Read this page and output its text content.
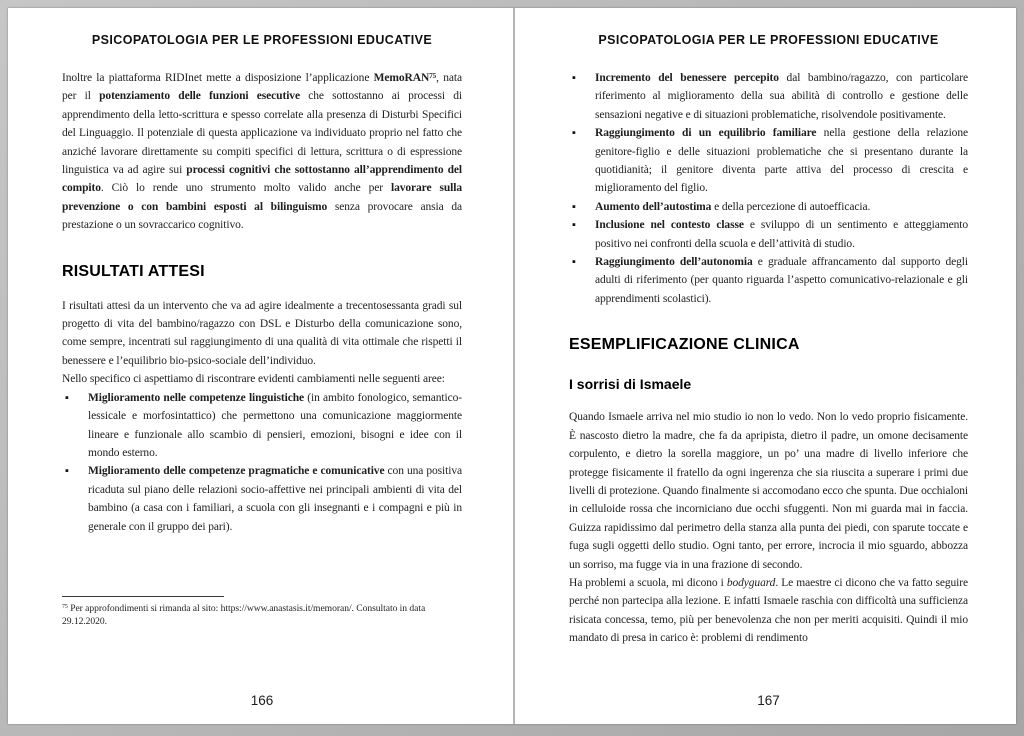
PSICOPATOLOGIA PER LE PROFESSIONI EDUCATIVE

Inoltre la piattaforma RIDInet mette a disposizione l’applicazione MemoRAN$^{75}$, nata per il potenziamento delle funzioni esecutive che sottostanno ai processi di apprendimento della letto-scrittura e spesso correlate alla presenza di Disturbi Specifici del Linguaggio. Il potenziale di questa applicazione va individuato proprio nel fatto che anziché lavorare direttamente su compiti specifici di lettura, scrittura o di espressione linguistica va ad agire sui processi cognitivi che sottostanno all’apprendimento del compito. Ciò lo rende uno strumento molto valido anche per lavorare sulla prevenzione o con bambini esposti al bilinguismo senza provocare ansia da prestazione o un sovraccarico cognitivo.

RISULTATI ATTESI

I risultati attesi da un intervento che va ad agire idealmente a trecentosessanta gradi sul progetto di vita del bambino/ragazzo con DSL e Disturbo della comunicazione sono, come sempre, incentrati sul raggiungimento di una qualità di vita ottimale che rispetti il benessere e l’equilibrio bio-psico-sociale dell’individuo.

Nello specifico ci aspettiamo di riscontrare evidenti cambiamenti nelle seguenti aree:

▪ Miglioramento nelle competenze linguistiche (in ambito fonologico, semantico-lessicale e morfosintattico) che permettono una comunicazione maggiormente lineare e funzionale allo scambio di pensieri, emozioni, bisogni e idee con il mondo esterno.
▪ Miglioramento delle competenze pragmatiche e comunicative con una positiva ricaduta sul piano delle relazioni socio-affettive nei principali ambienti di vita del bambino (a casa con i familiari, a scuola con gli insegnanti e i compagni e più in generale con il gruppo dei pari).

$^{75}$ Per approfondimenti si rimanda al sito: https://www.anastasis.it/memoran/. Consultato in data 29.12.2020.

166
PSICOPATOLOGIA PER LE PROFESSIONI EDUCATIVE
▪ Incremento del benessere percepito dal bambino/ragazzo, con particolare riferimento al miglioramento della sua abilità di controllo e gestione delle sensazioni negative e di situazioni problematiche, risolvendole positivamente.
▪ Raggiungimento di un equilibrio familiare nella gestione della relazione genitore-figlio e delle situazioni problematiche che si presentano durante la quotidianità; il genitore diventa parte attiva del processo di crescita e miglioramento del figlio.
▪ Aumento dell’autostima e della percezione di autoefficacia.
▪ Inclusione nel contesto classe e sviluppo di un sentimento e atteggiamento positivo nei confronti della scuola e dell’attività di studio.
▪ Raggiungimento dell’autonomia e graduale affrancamento dal supporto degli adulti di riferimento (per quanto riguarda l’aspetto comunicativo-relazionale e gli apprendimenti scolastici).
ESEMPLIFICAZIONE CLINICA
I sorrisi di Ismaele

Quando Ismaele arriva nel mio studio io non lo vedo. Non lo vedo proprio fisicamente. È nascosto dietro la madre, che fa da apripista, dietro il padre, un omone decisamente corpulento, e dietro la sorella maggiore, un po’ una madre di livello inferiore che protegge fisicamente il fratello da ogni ingerenza che sia riuscita a superare i primi due livelli di protezione. Quando finalmente si accomodano ecco che spunta. Due occhialoni in celluloide rossa che incorniciano due occhi sfuggenti. Non mi guarda mai in faccia. Guizza rapidissimo dal perimetro della stanza alla punta dei piedi, con sparute toccate e fuga sugli oggetti dello studio. Ogni tanto, per errore, incrocia il mio sguardo, abbozza un sorriso, ma fugge via in una frazione di secondo.

Ha problemi a scuola, mi dicono i bodyguard. Le maestre ci dicono che va fatto seguire perché non partecipa alla lezione. E infatti Ismaele raschia con difficoltà una sufficienza risicata concessa, temo, più per benevolenza che non per meriti acquisiti. Quindi il mio mandato di presa in carico è: problemi di rendimento

167
